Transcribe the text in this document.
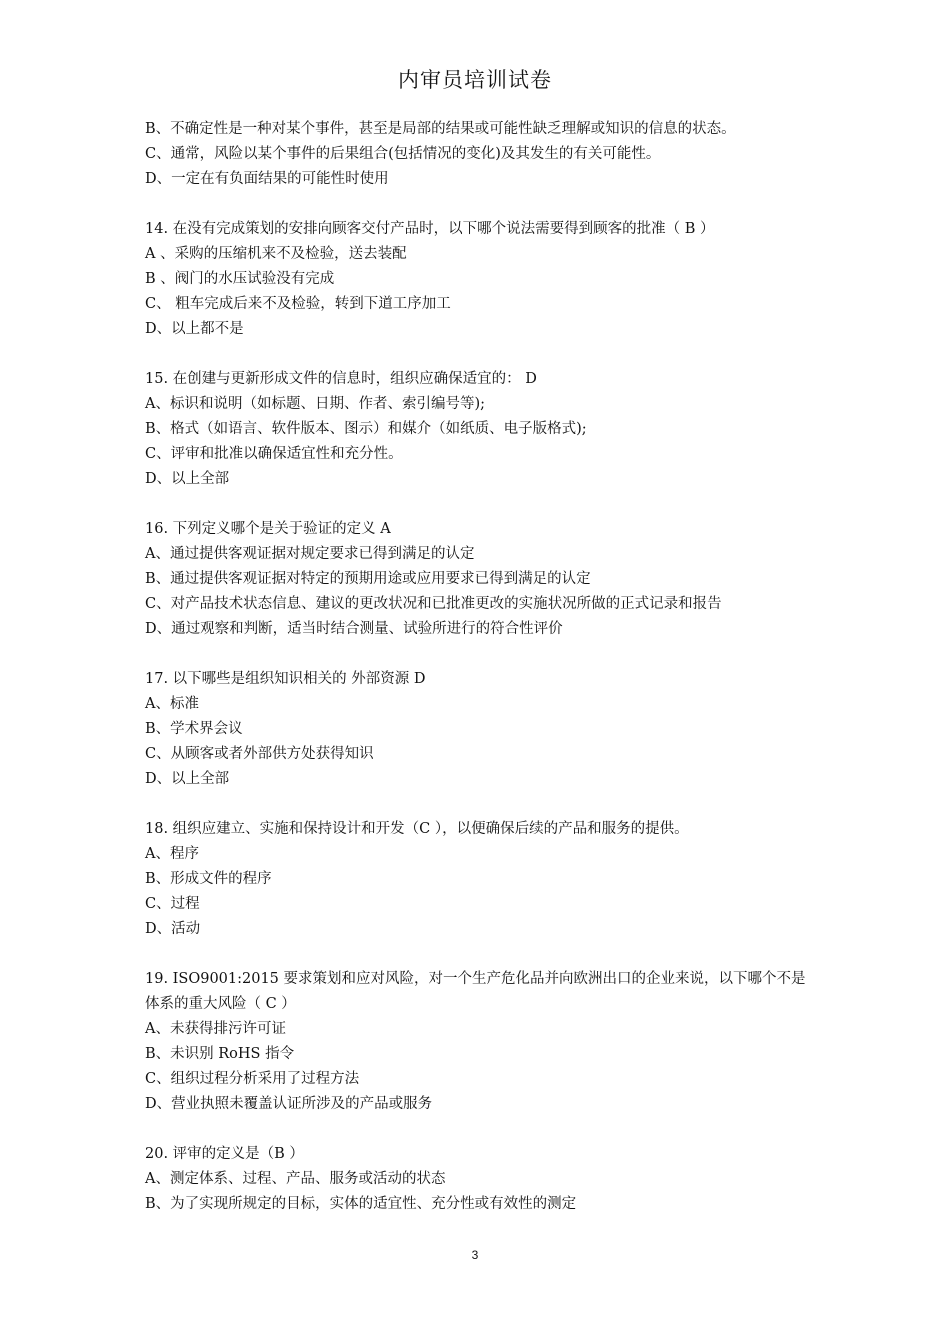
内审员培训试卷
B、不确定性是一种对某个事件，甚至是局部的结果或可能性缺乏理解或知识的信息的状态。
C、通常，风险以某个事件的后果组合(包括情况的变化)及其发生的有关可能性。
D、一定在有负面结果的可能性时使用
14. 在没有完成策划的安排向顾客交付产品时，以下哪个说法需要得到顾客的批准（ B ）
A 、采购的压缩机来不及检验，送去装配
B 、阀门的水压试验没有完成
C、 粗车完成后来不及检验，转到下道工序加工
D、以上都不是
15. 在创建与更新形成文件的信息时，组织应确保适宜的： D
A、标识和说明（如标题、日期、作者、索引编号等);
B、格式（如语言、软件版本、图示）和媒介（如纸质、电子版格式);
C、评审和批准以确保适宜性和充分性。
D、以上全部
16. 下列定义哪个是关于验证的定义 A
A、通过提供客观证据对规定要求已得到满足的认定
B、通过提供客观证据对特定的预期用途或应用要求已得到满足的认定
C、对产品技术状态信息、建议的更改状况和已批准更改的实施状况所做的正式记录和报告
D、通过观察和判断，适当时结合测量、试验所进行的符合性评价
17. 以下哪些是组织知识相关的 外部资源 D
A、标准
B、学术界会议
C、从顾客或者外部供方处获得知识
D、以上全部
18. 组织应建立、实施和保持设计和开发（C ），以便确保后续的产品和服务的提供。
A、程序
B、形成文件的程序
C、过程
D、活动
19. ISO9001:2015 要求策划和应对风险，对一个生产危化品并向欧洲出口的企业来说，以下哪个不是体系的重大风险（ C ）
A、未获得排污许可证
B、未识别 RoHS 指令
C、组织过程分析采用了过程方法
D、营业执照未覆盖认证所涉及的产品或服务
20. 评审的定义是（B ）
A、测定体系、过程、产品、服务或活动的状态
B、为了实现所规定的目标，实体的适宜性、充分性或有效性的测定
3
